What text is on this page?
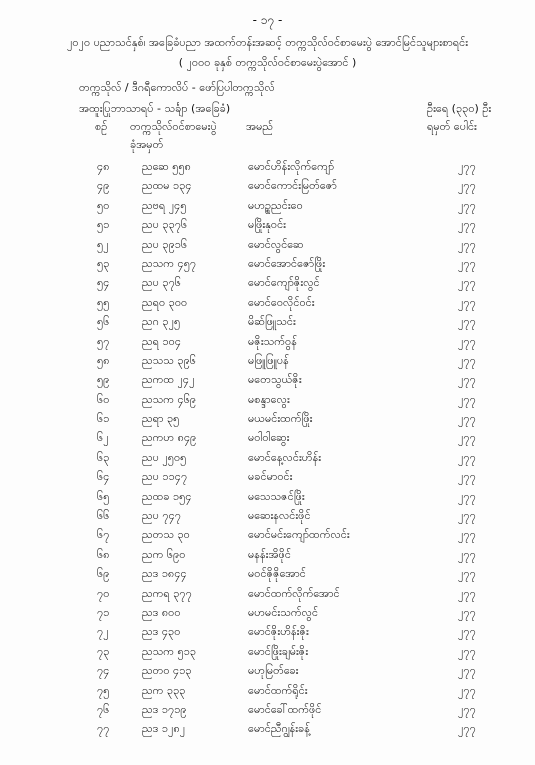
- ၁၇ -
၂၀၂၀ ပညာသင်နှစ်၊ အခြေခံပညာ အထက်တန်းအဆင့် တက္ကသိုလ်ဝင်စာမေးပွဲ အောင်မြင်သူများစာရင်း
( ၂၀၀၀ ခုနှစ် တက္ကသိုလ်ဝင်စာမေးပွဲအောင် )
တက္ကသိုလ် / ဒီဂရီကောလိပ် - ဖော်ပြပါတက္ကသိုလ်
အထူးပြုဘာသာရပ် - သင်္ချာ (အခြေခံ)	ဦးရေ (၃၃၀) ဦး
ရမှတ် ပေါင်း
စဉ် တက္ကသိုလ်ဝင်စာမေးပွဲ
ခုံအမှတ်
အမည်
၄၈	ညဆေ ၅၅၈	မောင်ဟိန်းလိုက်ကျော်	၂၇၇
၄၉	ညထမ ၁၃၄	မောင်ကောင်းမြတ်ဇော်	၂၇၇
၅၀	ညဗရ ၂၄၅	မဟဉ္စညင်းဝေ	၂၇၇
၅၁	ညပ ၃၃၇၆	မဖြိုးနုဝင်း	၂၇၇
၅၂	ညပ ၃၉၁၆	မောင်လွင်ဆေ	၂၇၇
၅၃	ညသက ၄၅၇	မောင်အောင်ဇော်ဖြိုး	၂၇၇
၅၄	ညပ ၃၇၆	မောင်ကျော်ဇိုးလွင်	၂၇၇
၅၅	ညရ၀ ၃၀၀	မောင်ဝေလိုင်ဝင်း	၂၇၇
၅၆	ညဂ ၃၂၅	မိဆ်ဖြူသင်း	၂၇၇
၅၇	ညရ ၁၀၄	မဇိုးသက်ဝွန်	၂၇၇
၅၈	ညသသ ၃၉၆	မဖြူဖြူပန်	၂၇၇
၅၉	ညကထ ၂၄၂	မတေသွယ်ဇိုး	၂၇၇
၆၀	ညသက ၄၆၉	မစန္ဒာလွေး	၂၇၇
၆၁	ညရာ ၃၅	မယမင်းထက်ဖြိုး	၂၇၇
၆၂	ညကဟ ၈၄၉	မဝါဝါဆွေး	၂၇၇
၆၃	ညပ ၂၅၀၅	မောင်နေ့လင်းဟိန်း	၂၇၇
၆၄	ညပ ၁၁၄၇	မခင်မာဝင်း	၂၇၇
၆၅	ညထခ ၁၅၄	မသေသဇင်ဖြိုး	၂၇၇
၆၆	ညပ ၇၄၇	မဆေးနလင်းဖိုင်	၂၇၇
၆၇	ညတသ ၃၀	မောင်မင်းကျော်ထက်လင်း	၂၇၇
၆၈	ညက ၆၉၀	မနန်းအိဖိုင်	၂၇၇
၆၉	ညဒ ၁၈၄၄	မဝင်ဇိုဇိုအောင်	၂၇၇
၇၀	ညကရ ၃၇၇	မောင်ထက်လိုက်အောင်	၂၇၇
၇၁	ညဒ ၈၀၀	မဟမင်းသက်လွင်	၂၇၇
၇၂	ညဒ ၄၃၀	မောင်ဇိုးဟိန်းဇိုး	၂၇၇
၇၃	ညသက ၅၁၃	မောင်ဖြိုးချမ်းဇိုး	၂၇၇
၇၄	ညတ၀ ၄၁၃	မဟုမြတ်ခေး	၂၇၇
၇၅	ညက ၃၃၃	မောင်ထက်ရိုင်း	၂၇၇
၇၆	ညဒ ၁၇၁၉	မောင်ခေါ်ထက်ဖိုင်	၂၇၇
၇၇	ညဒ ၁၂၈၂	မောင်ညီဂျွန်းခန့်	၂၇၇
